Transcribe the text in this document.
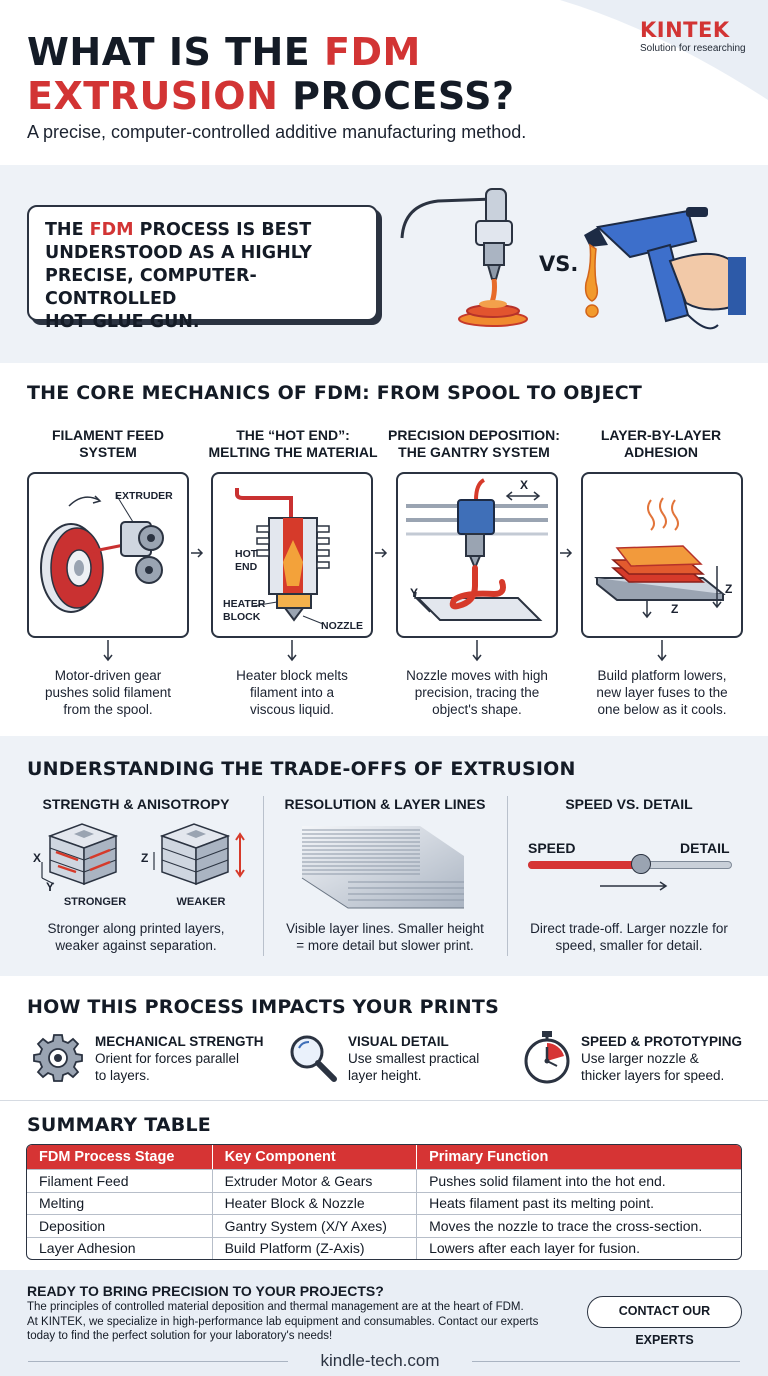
WHAT IS THE FDM
EXTRUSION PROCESS?
A precise, computer-controlled additive manufacturing method.
KINTEK
Solution for researching
THE FDM PROCESS IS BEST
UNDERSTOOD AS A HIGHLY
PRECISE, COMPUTER-CONTROLLED
HOT GLUE GUN.
VS.
THE CORE MECHANICS OF FDM: FROM SPOOL TO OBJECT
FILAMENT FEED
SYSTEM
THE “HOT END”:
MELTING THE MATERIAL
PRECISION DEPOSITION:
THE GANTRY SYSTEM
LAYER-BY-LAYER
ADHESION
EXTRUDER
HOT
END
HEATER
BLOCK
NOZZLE
X
Y
Z
Z
Motor-driven gear
pushes solid filament
from the spool.
Heater block melts
filament into a
viscous liquid.
Nozzle moves with high
precision, tracing the
object's shape.
Build platform lowers,
new layer fuses to the
one below as it cools.
UNDERSTANDING THE TRADE-OFFS OF EXTRUSION
STRENGTH & ANISOTROPY
X
Y
Z
STRONGER	WEAKER
Stronger along printed layers,
weaker against separation.
RESOLUTION & LAYER LINES
Visible layer lines. Smaller height
= more detail but slower print.
SPEED VS. DETAIL
SPEED	DETAIL
Direct trade-off. Larger nozzle for
speed, smaller for detail.
HOW THIS PROCESS IMPACTS YOUR PRINTS
MECHANICAL STRENGTH
Orient for forces parallel
to layers.
VISUAL DETAIL
Use smallest practical
layer height.
SPEED & PROTOTYPING
Use larger nozzle &
thicker layers for speed.
SUMMARY TABLE
FDM Process Stage	Key Component	Primary Function
Filament Feed	Extruder Motor & Gears	Pushes solid filament into the hot end.
Melting	Heater Block & Nozzle	Heats filament past its melting point.
Deposition	Gantry System (X/Y Axes)	Moves the nozzle to trace the cross-section.
Layer Adhesion	Build Platform (Z-Axis)	Lowers after each layer for fusion.
READY TO BRING PRECISION TO YOUR PROJECTS?
The principles of controlled material deposition and thermal management are at the heart of FDM.
At KINTEK, we specialize in high-performance lab equipment and consumables. Contact our experts
today to find the perfect solution for your laboratory's needs!
CONTACT OUR EXPERTS
kindle-tech.com
